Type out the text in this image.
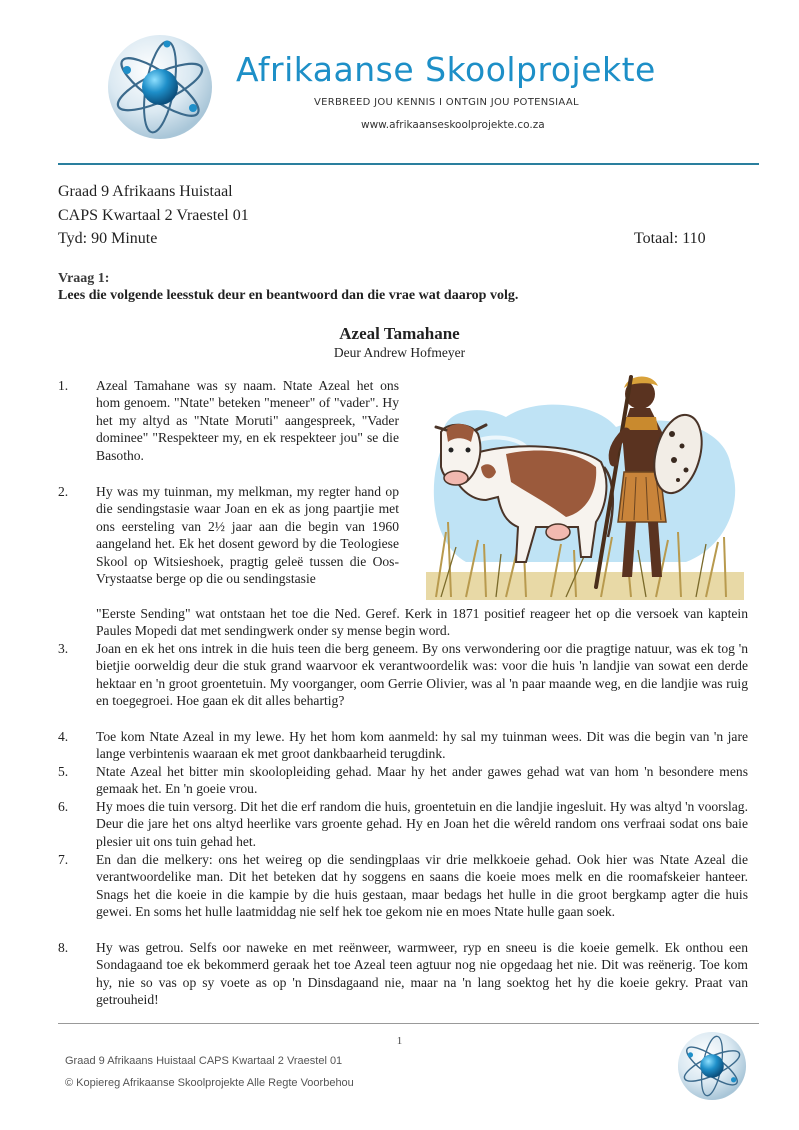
Afrikaanse Skoolprojekte
VERBREED JOU KENNIS I ONTGIN JOU POTENSIAAL
www.afrikaanseskoolprojekte.co.za
Graad 9 Afrikaans Huistaal
CAPS Kwartaal 2 Vraestel 01
Tyd: 90 Minute	Totaal: 110
Vraag 1:
Lees die volgende leesstuk deur en beantwoord dan die vrae wat daarop volg.
Azeal Tamahane
Deur Andrew Hofmeyer
1.	Azeal Tamahane was sy naam. Ntate Azeal het ons hom genoem. "Ntate" beteken "meneer" of "vader". Hy het my altyd as "Ntate Moruti" aangespreek, "Vader dominee" "Respekteer my, en ek respekteer jou" se die Basotho.
2.	Hy was my tuinman, my melkman, my regter hand op die sendingstasie waar Joan en ek as jong paartjie met ons eersteling van 2½ jaar aan die begin van 1960 aangeland het. Ek het dosent geword by die Teologiese Skool op Witsieshoek, pragtig geleë tussen die Oos-Vrystaatse berge op die ou sendingstasie
"Eerste Sending" wat ontstaan het toe die Ned. Geref. Kerk in 1871 positief reageer het op die versoek van kaptein Paules Mopedi dat met sendingwerk onder sy mense begin word.
3.	Joan en ek het ons intrek in die huis teen die berg geneem. By ons verwondering oor die pragtige natuur, was ek tog 'n bietjie oorweldig deur die stuk grand waarvoor ek verantwoordelik was: voor die huis 'n landjie van sowat een derde hektaar en 'n groot groentetuin. My voorganger, oom Gerrie Olivier, was al 'n paar maande weg, en die landjie was ruig en toegegroei. Hoe gaan ek dit alles behartig?
4.	Toe kom Ntate Azeal in my lewe. Hy het hom kom aanmeld: hy sal my tuinman wees. Dit was die begin van 'n jare lange verbintenis waaraan ek met groot dankbaarheid terugdink.
5.	Ntate Azeal het bitter min skoolopleiding gehad. Maar hy het ander gawes gehad wat van hom 'n besondere mens gemaak het. En 'n goeie vrou.
6.	Hy moes die tuin versorg. Dit het die erf random die huis, groentetuin en die landjie ingesluit. Hy was altyd 'n voorslag. Deur die jare het ons altyd heerlike vars groente gehad. Hy en Joan het die wêreld random ons verfraai sodat ons baie plesier uit ons tuin gehad het.
7.	En dan die melkery: ons het weireg op die sendingplaas vir drie melkkoeie gehad. Ook hier was Ntate Azeal die verantwoordelike man. Dit het beteken dat hy soggens en saans die koeie moes melk en die roomafskeier hanteer. Snags het die koeie in die kampie by die huis gestaan, maar bedags het hulle in die groot bergkamp agter die huis gewei. En soms het hulle laatmiddag nie self hek toe gekom nie en moes Ntate hulle gaan soek.
8.	Hy was getrou. Selfs oor naweke en met reënweer, warmweer, ryp en sneeu is die koeie gemelk. Ek onthou een Sondagaand toe ek bekommerd geraak het toe Azeal teen agtuur nog nie opgedaag het nie. Dit was reënerig. Toe kom hy, nie so vas op sy voete as op 'n Dinsdagaand nie, maar na 'n lang soektog het hy die koeie gekry. Praat van getrouheid!
1
Graad 9 Afrikaans Huistaal CAPS Kwartaal 2 Vraestel 01
© Kopiereg Afrikaanse Skoolprojekte Alle Regte Voorbehou
